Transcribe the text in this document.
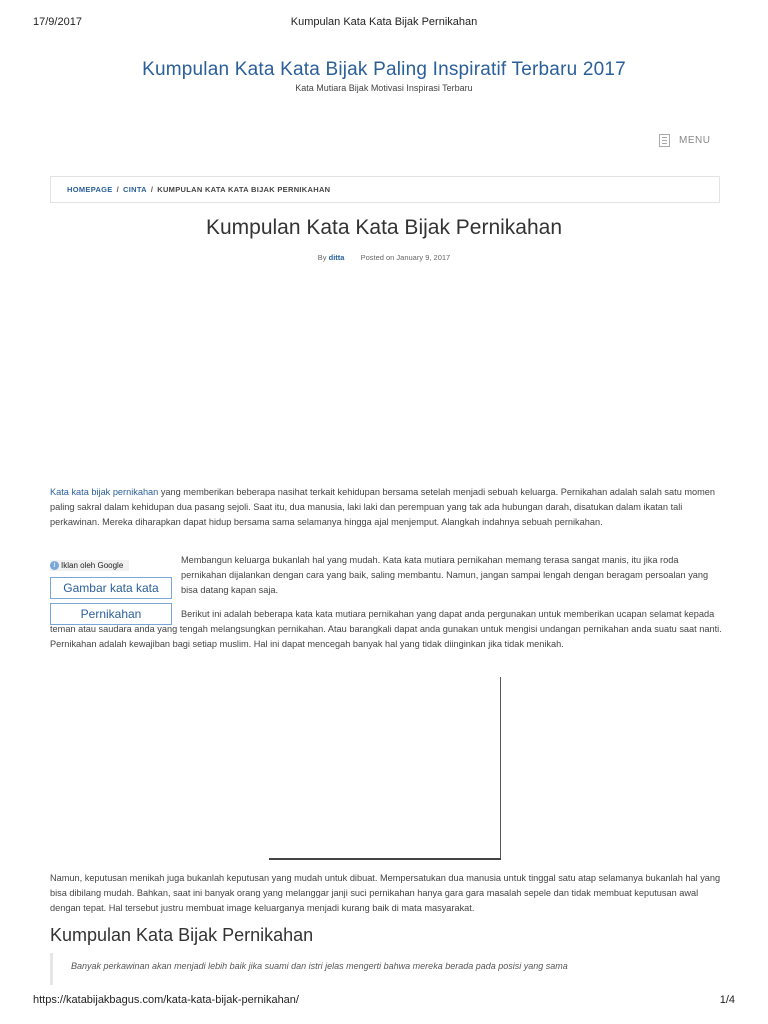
17/9/2017	Kumpulan Kata Kata Bijak Pernikahan
Kumpulan Kata Kata Bijak Paling Inspiratif Terbaru 2017
Kata Mutiara Bijak Motivasi Inspirasi Terbaru
MENU
HOMEPAGE / CINTA / KUMPULAN KATA KATA BIJAK PERNIKAHAN
Kumpulan Kata Kata Bijak Pernikahan
By ditta Posted on January 9, 2017
Kata kata bijak pernikahan yang memberikan beberapa nasihat terkait kehidupan bersama setelah menjadi sebuah keluarga. Pernikahan adalah salah satu momen paling sakral dalam kehidupan dua pasang sejoli. Saat itu, dua manusia, laki laki dan perempuan yang tak ada hubungan darah, disatukan dalam ikatan tali perkawinan. Mereka diharapkan dapat hidup bersama sama selamanya hingga ajal menjemput. Alangkah indahnya sebuah pernikahan.
i Iklan oleh Google
Gambar kata kata
Pernikahan
Membangun keluarga bukanlah hal yang mudah. Kata kata mutiara pernikahan memang terasa sangat manis, itu jika roda pernikahan dijalankan dengan cara yang baik, saling membantu. Namun, jangan sampai lengah dengan beragam persoalan yang bisa datang kapan saja.
Berikut ini adalah beberapa kata kata mutiara pernikahan yang dapat anda pergunakan untuk memberikan ucapan selamat kepada teman atau saudara anda yang tengah melangsungkan pernikahan. Atau barangkali dapat anda gunakan untuk mengisi undangan pernikahan anda suatu saat nanti. Pernikahan adalah kewajiban bagi setiap muslim. Hal ini dapat mencegah banyak hal yang tidak diinginkan jika tidak menikah.
Namun, keputusan menikah juga bukanlah keputusan yang mudah untuk dibuat. Mempersatukan dua manusia untuk tinggal satu atap selamanya bukanlah hal yang bisa dibilang mudah. Bahkan, saat ini banyak orang yang melanggar janji suci pernikahan hanya gara gara masalah sepele dan tidak membuat keputusan awal dengan tepat. Hal tersebut justru membuat image keluarganya menjadi kurang baik di mata masyarakat.
Kumpulan Kata Bijak Pernikahan
Banyak perkawinan akan menjadi lebih baik jika suami dan istri jelas mengerti bahwa mereka berada pada posisi yang sama
https://katabijakbagus.com/kata-kata-bijak-pernikahan/	1/4
